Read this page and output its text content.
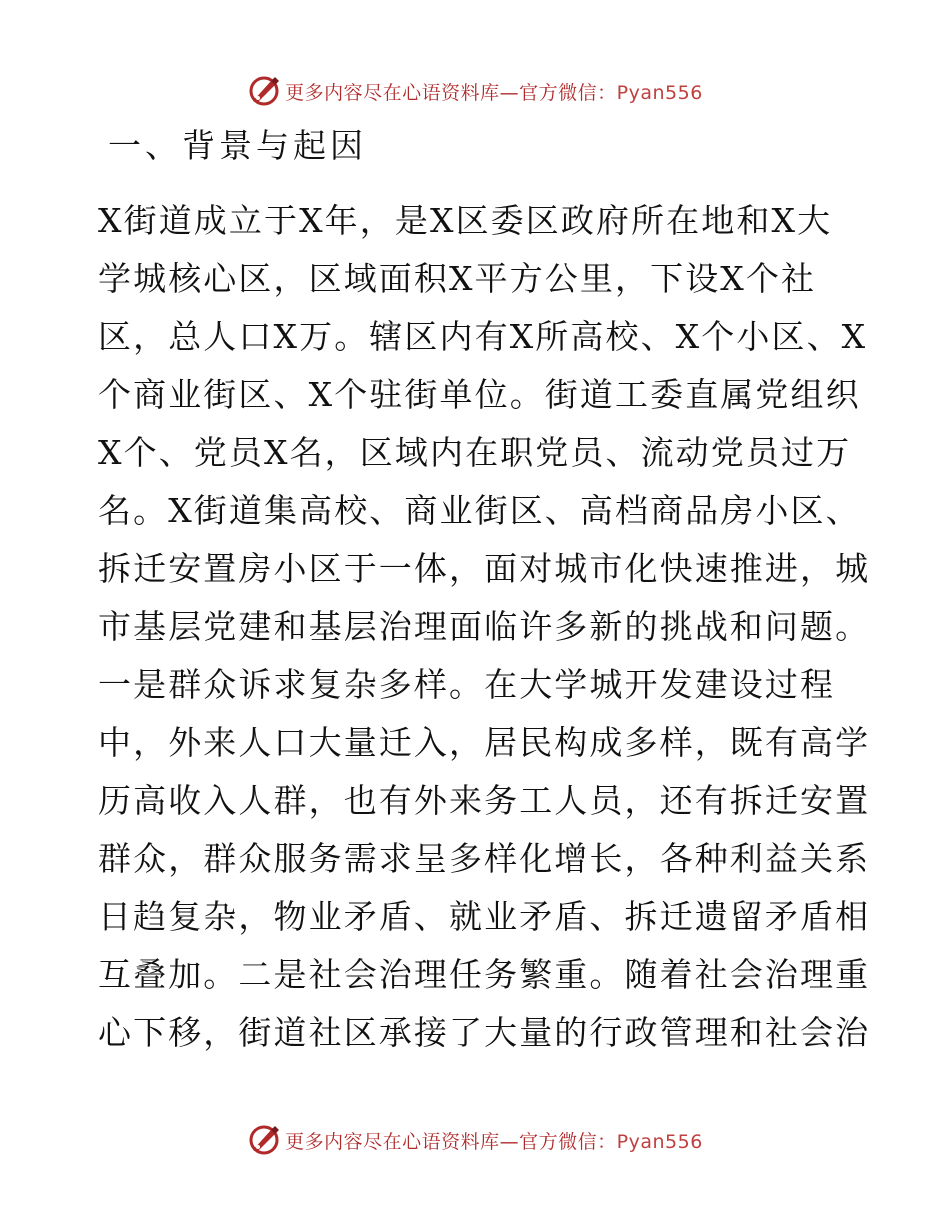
更多内容尽在心语资料库—官方微信：Pyan556
一、背景与起因
X街道成立于X年，是X区委区政府所在地和X大
学城核心区，区域面积X平方公里，下设X个社
区，总人口X万。辖区内有X所高校、X个小区、X
个商业街区、X个驻街单位。街道工委直属党组织
X个、党员X名，区域内在职党员、流动党员过万
名。X街道集高校、商业街区、高档商品房小区、
拆迁安置房小区于一体，面对城市化快速推进，城
市基层党建和基层治理面临许多新的挑战和问题。
一是群众诉求复杂多样。在大学城开发建设过程
中，外来人口大量迁入，居民构成多样，既有高学
历高收入人群，也有外来务工人员，还有拆迁安置
群众，群众服务需求呈多样化增长，各种利益关系
日趋复杂，物业矛盾、就业矛盾、拆迁遗留矛盾相
互叠加。二是社会治理任务繁重。随着社会治理重
心下移，街道社区承接了大量的行政管理和社会治
更多内容尽在心语资料库—官方微信：Pyan556
